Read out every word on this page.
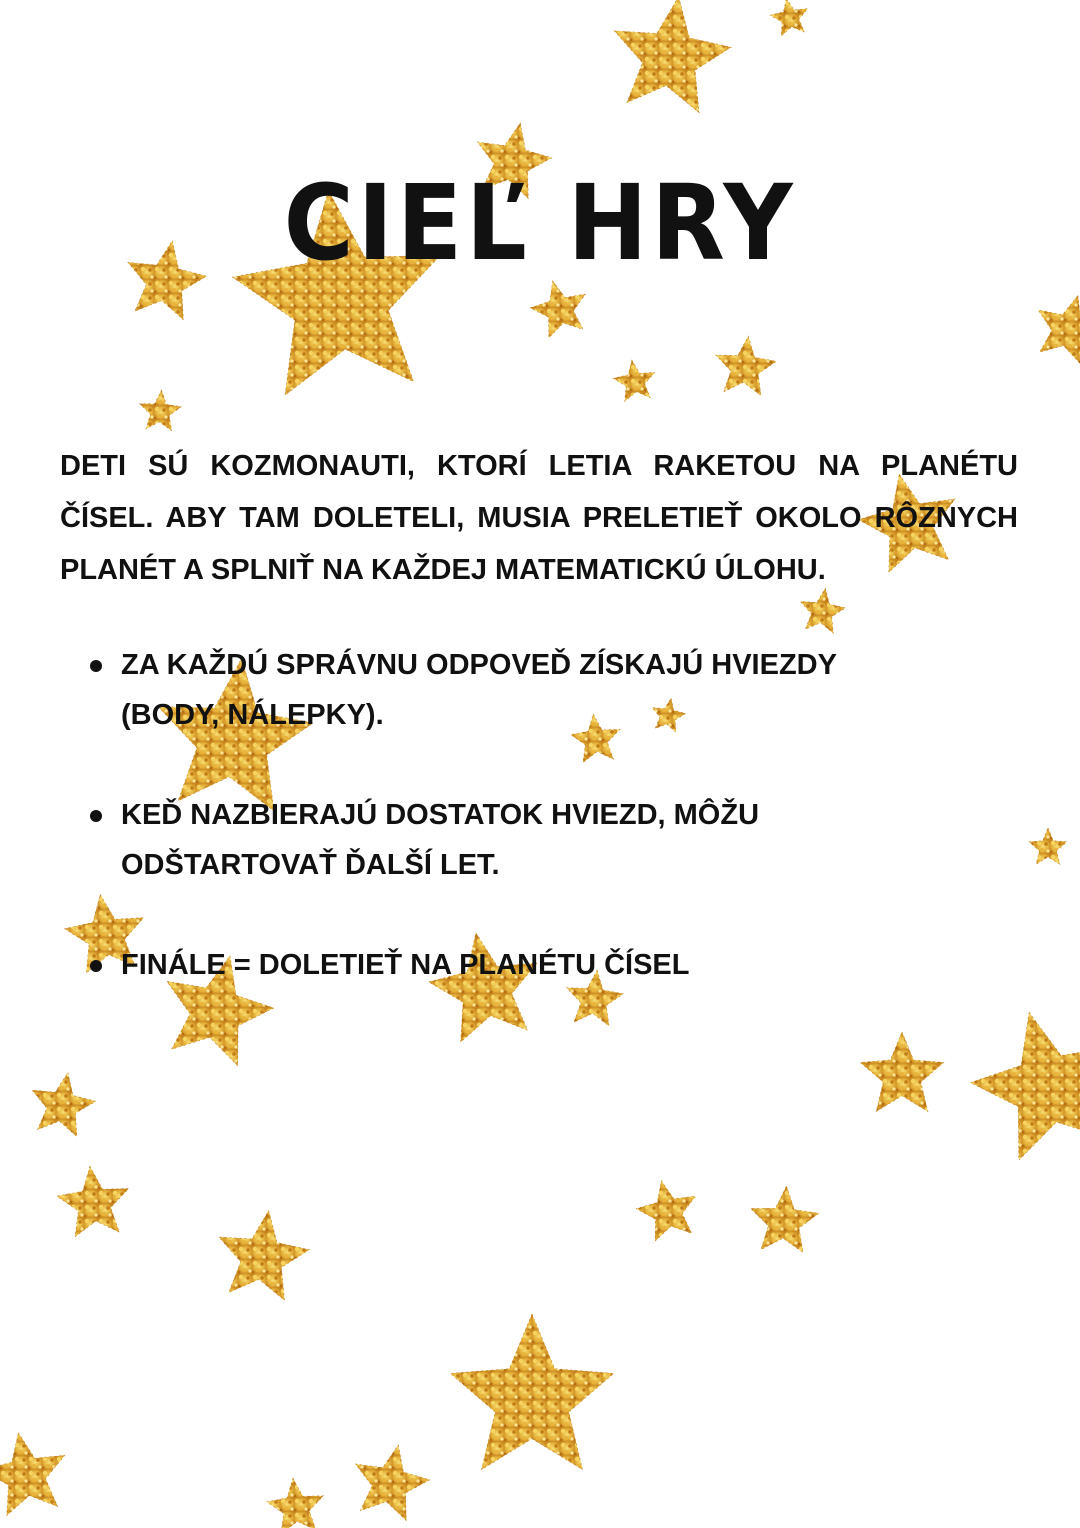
CIEĽ HRY

DETI SÚ KOZMONAUTI, KTORÍ LETIA RAKETOU NA PLANÉTU ČÍSEL. ABY TAM DOLETELI, MUSIA PRELETIEŤ OKOLO RÔZNYCH PLANÉT A SPLNIŤ NA KAŽDEJ MATEMATICKÚ ÚLOHU.

ZA KAŽDÚ SPRÁVNU ODPOVEĎ ZÍSKAJÚ HVIEZDY (BODY, NÁLEPKY).
KEĎ NAZBIERAJÚ DOSTATOK HVIEZD, MÔŽU ODŠTARTOVAŤ ĎALŠÍ LET.
FINÁLE = DOLETIEŤ NA PLANÉTU ČÍSEL
